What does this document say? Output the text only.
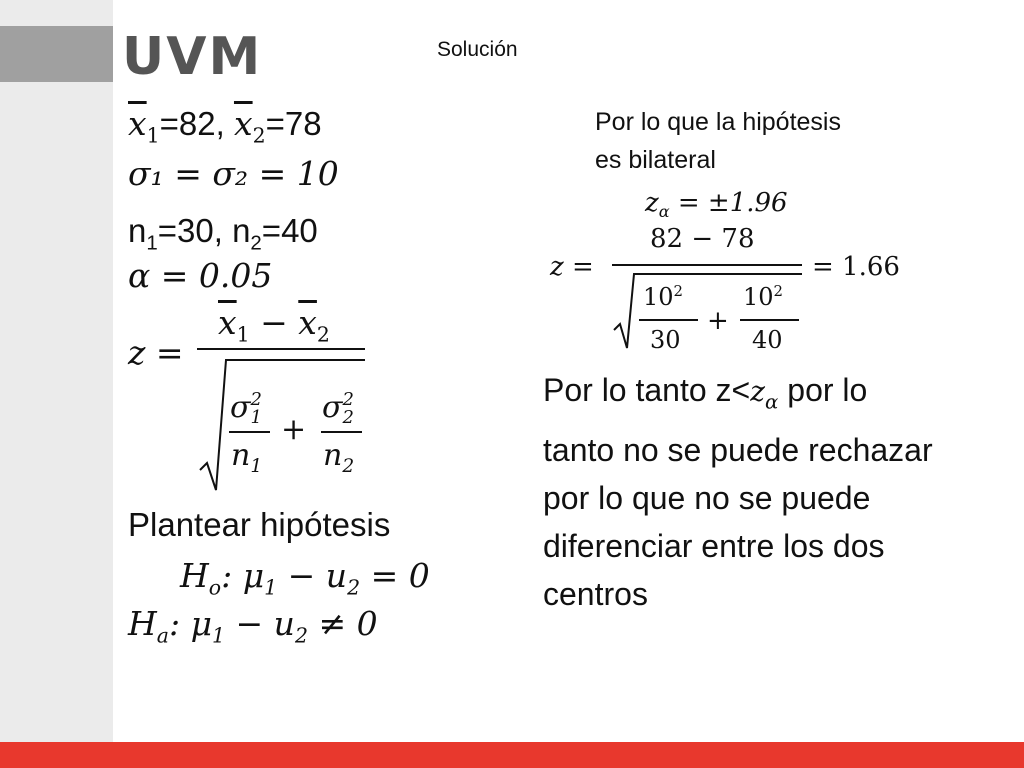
UVM	Solución
$\overline{x}_1=82$, $\overline{x}_2=78$
σ₁ = σ₂ = 10
$n_1=30$, $n_2=40$
α = 0.05
z =
$\overline{x}_1 - \overline{x}_2$
σ 2
1
$n_1$
+
σ 2
2
$n_2$
Plantear hipótesis
$H_o$: $\mu_1 - u_2 = 0$
$H_a$: $\mu_1 - u_2 \ne 0$
Por lo que la hipótesis
es bilateral
$z_\alpha = \pm 1.96$
z =
82 − 78
$10^2$
30
+
$10^2$
40
= 1.66
Por lo tanto $z<z_\alpha$ por lo tanto no se puede rechazar por lo que no se puede diferenciar entre los dos centros
